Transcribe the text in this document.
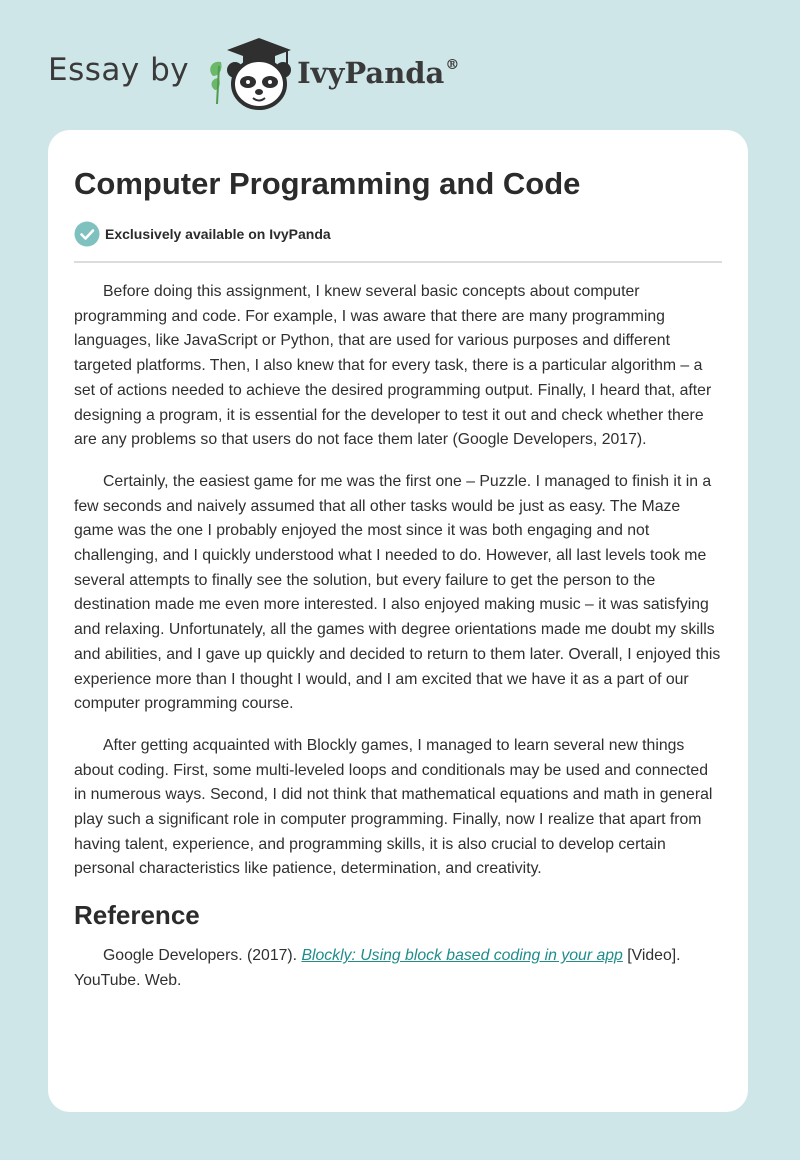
Essay by	IvyPanda®
Computer Programming and Code
Exclusively available on IvyPanda

Before doing this assignment, I knew several basic concepts about computer programming and code. For example, I was aware that there are many programming languages, like JavaScript or Python, that are used for various purposes and different targeted platforms. Then, I also knew that for every task, there is a particular algorithm – a set of actions needed to achieve the desired programming output. Finally, I heard that, after designing a program, it is essential for the developer to test it out and check whether there are any problems so that users do not face them later (Google Developers, 2017).

Certainly, the easiest game for me was the first one – Puzzle. I managed to finish it in a few seconds and naively assumed that all other tasks would be just as easy. The Maze game was the one I probably enjoyed the most since it was both engaging and not challenging, and I quickly understood what I needed to do. However, all last levels took me several attempts to finally see the solution, but every failure to get the person to the destination made me even more interested. I also enjoyed making music – it was satisfying and relaxing. Unfortunately, all the games with degree orientations made me doubt my skills and abilities, and I gave up quickly and decided to return to them later. Overall, I enjoyed this experience more than I thought I would, and I am excited that we have it as a part of our computer programming course.

After getting acquainted with Blockly games, I managed to learn several new things about coding. First, some multi-leveled loops and conditionals may be used and connected in numerous ways. Second, I did not think that mathematical equations and math in general play such a significant role in computer programming. Finally, now I realize that apart from having talent, experience, and programming skills, it is also crucial to develop certain personal characteristics like patience, determination, and creativity.

Reference

Google Developers. (2017). Blockly: Using block based coding in your app [Video]. YouTube. Web.
